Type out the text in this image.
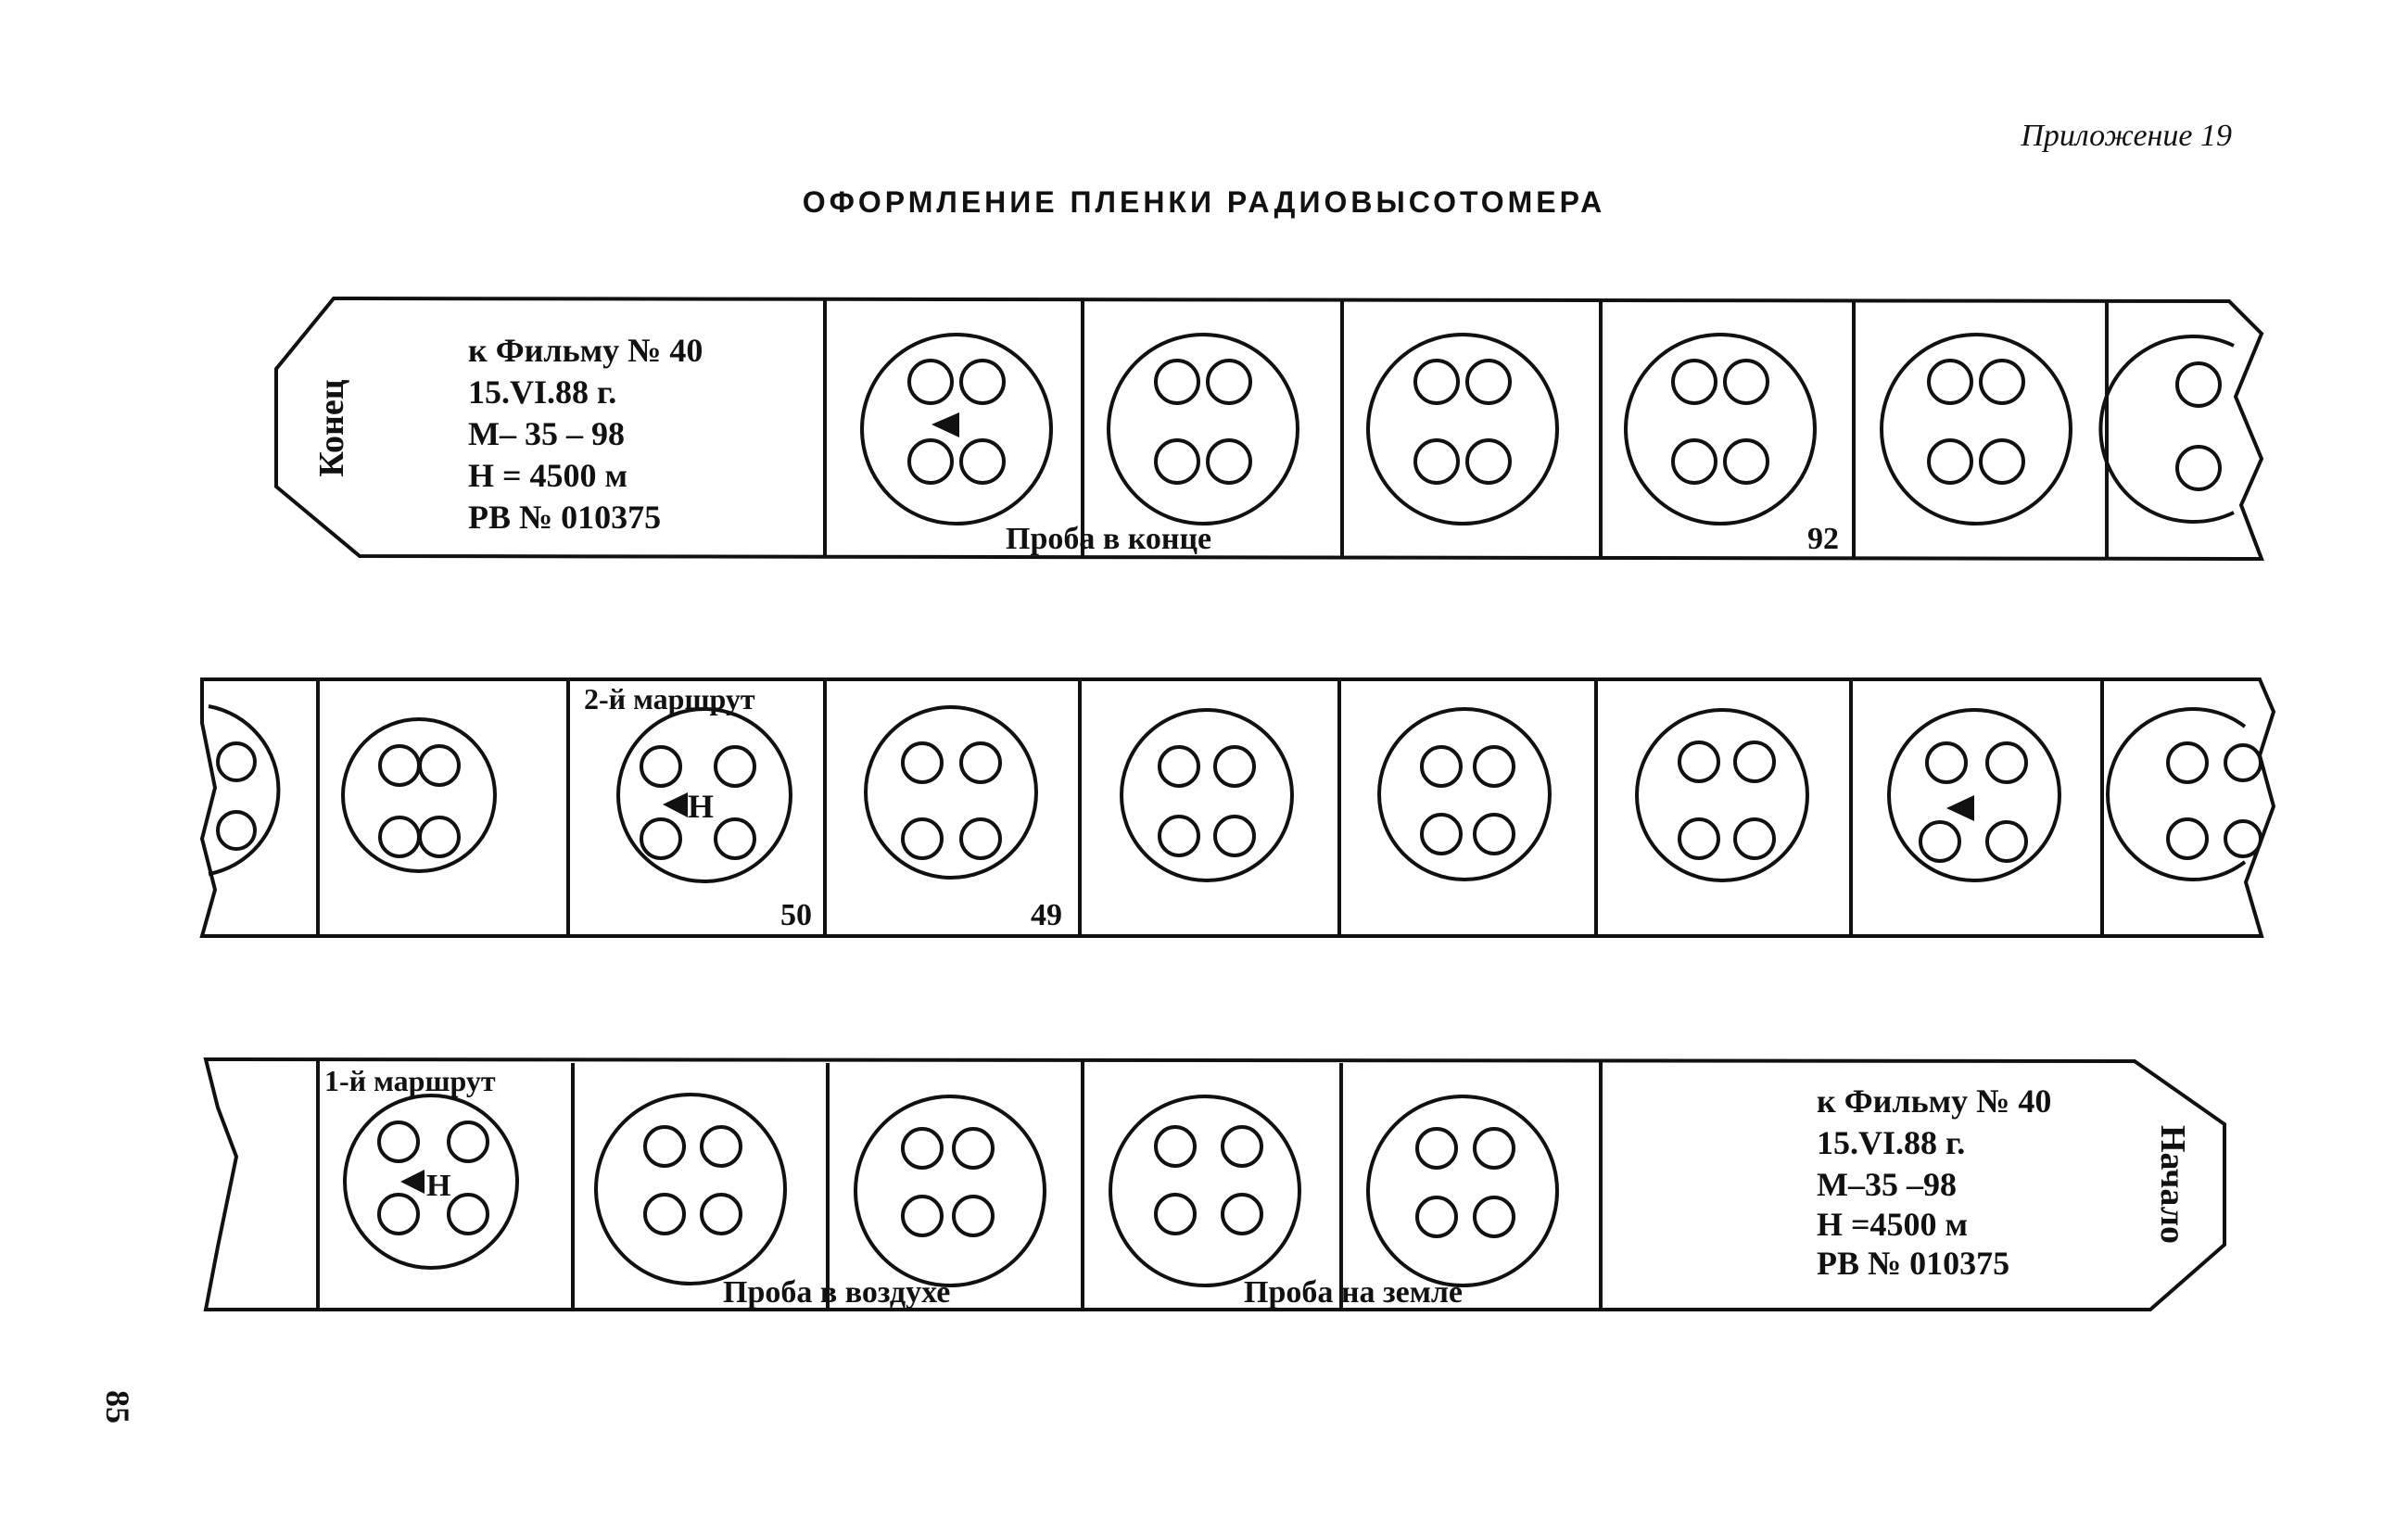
Приложение 19
ОФОРМЛЕНИЕ ПЛЕНКИ РАДИОВЫСОТОМЕРА
Конец
к Фильму № 40
15.VI.88 г.
М– 35 – 98
Н = 4500 м
РВ № 010375
Проба в конце	92
2-й маршрут
Н
50	49
1-й маршрут
Н
Проба в воздухе	Проба на земле
к Фильму № 40
15.VI.88 г.
М–35 –98
Н =4500 м
РВ № 010375
Начало
85
